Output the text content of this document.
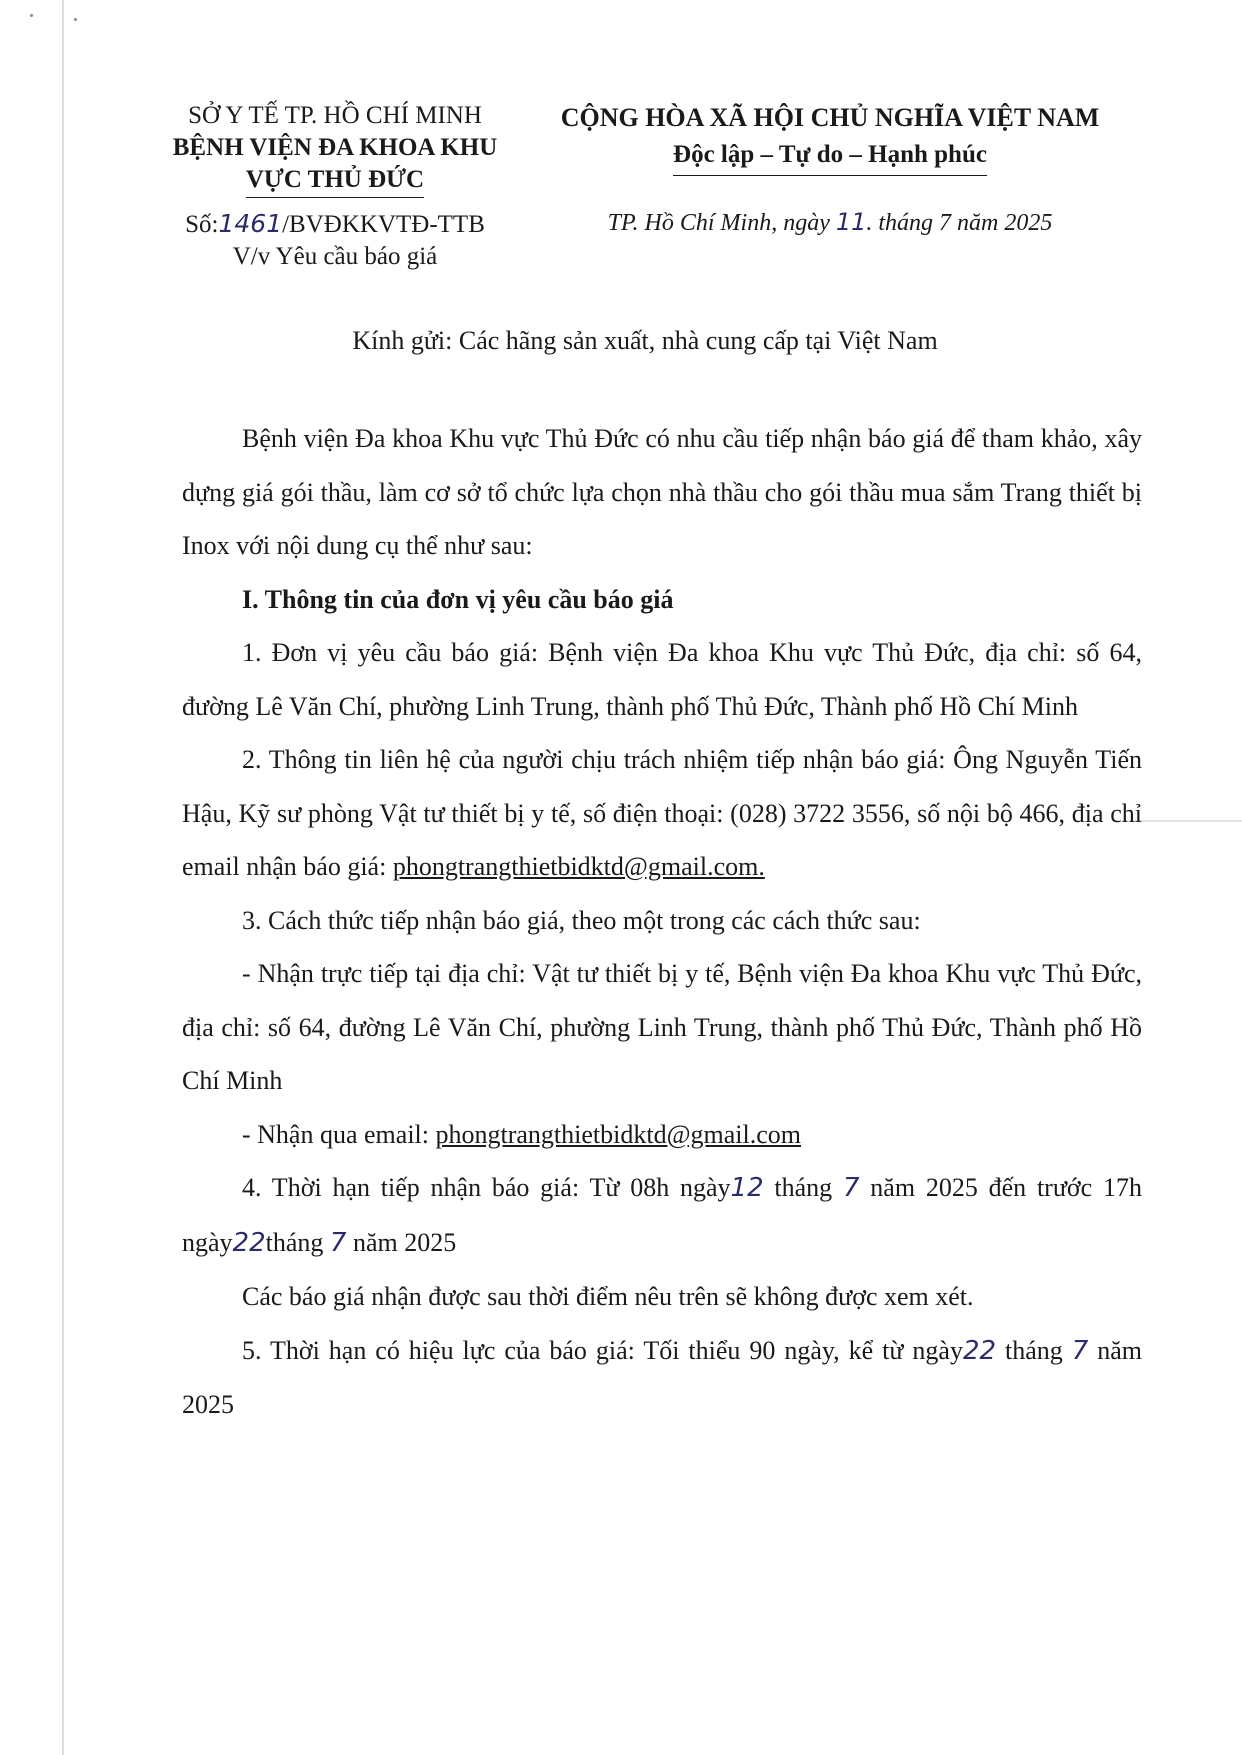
SỞ Y TẾ TP. HỒ CHÍ MINH
BỆNH VIỆN ĐA KHOA KHU
VỰC THỦ ĐỨC
Số:1461/BVĐKKVTĐ-TTB
V/v Yêu cầu báo giá
CỘNG HÒA XÃ HỘI CHỦ NGHĨA VIỆT NAM
Độc lập – Tự do – Hạnh phúc
TP. Hồ Chí Minh, ngày 11. tháng 7 năm 2025
Kính gửi: Các hãng sản xuất, nhà cung cấp tại Việt Nam

Bệnh viện Đa khoa Khu vực Thủ Đức có nhu cầu tiếp nhận báo giá để tham khảo, xây dựng giá gói thầu, làm cơ sở tổ chức lựa chọn nhà thầu cho gói thầu mua sắm Trang thiết bị Inox với nội dung cụ thể như sau:

I. Thông tin của đơn vị yêu cầu báo giá

1. Đơn vị yêu cầu báo giá: Bệnh viện Đa khoa Khu vực Thủ Đức, địa chỉ: số 64, đường Lê Văn Chí, phường Linh Trung, thành phố Thủ Đức, Thành phố Hồ Chí Minh

2. Thông tin liên hệ của người chịu trách nhiệm tiếp nhận báo giá: Ông Nguyễn Tiến Hậu, Kỹ sư phòng Vật tư thiết bị y tế, số điện thoại: (028) 3722 3556, số nội bộ 466, địa chỉ email nhận báo giá: phongtrangthietbidktd@gmail.com.

3. Cách thức tiếp nhận báo giá, theo một trong các cách thức sau:

- Nhận trực tiếp tại địa chỉ: Vật tư thiết bị y tế, Bệnh viện Đa khoa Khu vực Thủ Đức, địa chỉ: số 64, đường Lê Văn Chí, phường Linh Trung, thành phố Thủ Đức, Thành phố Hồ Chí Minh

- Nhận qua email: phongtrangthietbidktd@gmail.com

4. Thời hạn tiếp nhận báo giá: Từ 08h ngày12 tháng 7 năm 2025 đến trước 17h ngày22tháng 7 năm 2025

Các báo giá nhận được sau thời điểm nêu trên sẽ không được xem xét.

5. Thời hạn có hiệu lực của báo giá: Tối thiểu 90 ngày, kể từ ngày22 tháng 7 năm 2025
